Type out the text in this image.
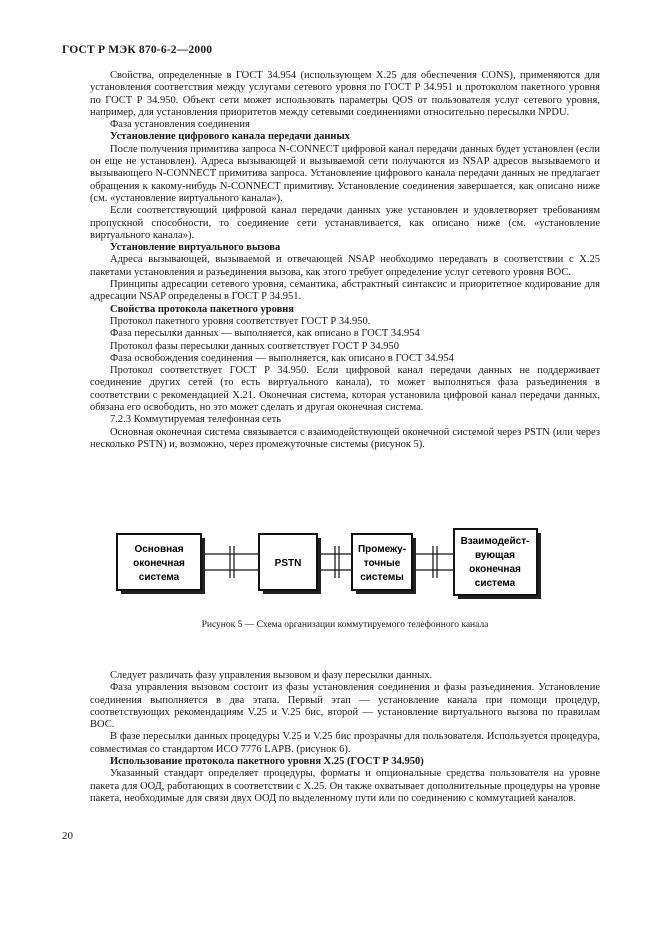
ГОСТ Р МЭК 870-6-2—2000

Свойства, определенные в ГОСТ 34.954 (использующем X.25 для обеспечения CONS), применяются для установления соответствия между услугами сетевого уровня по ГОСТ Р 34.951 и протоколом пакетного уровня по ГОСТ Р 34.950. Объект сети может использовать параметры QOS от пользователя услуг сетевого уровня, например, для установления приоритетов между сетевыми соединениями относительно пересылки NPDU.

Фаза установления соединения

Установление цифрового канала передачи данных

После получения примитива запроса N-CONNECT цифровой канал передачи данных будет установлен (если он еще не установлен). Адреса вызывающей и вызываемой сети получаются из NSAP адресов вызываемого и вызывающего N-CONNECT примитива запроса. Установление цифрового канала передачи данных не предлагает обращения к какому-нибудь N-CONNECT примитиву. Установление соединения завершается, как описано ниже (см. «установление виртуального канала»).

Если соответствующий цифровой канал передачи данных уже установлен и удовлетворяет требованиям пропускной способности, то соединение сети устанавливается, как описано ниже (см. «установление виртуального канала»).

Установление виртуального вызова

Адреса вызывающей, вызываемой и отвечающей NSAP необходимо передавать в соответствии с X.25 пакетами установления и разъединения вызова, как этого требует определение услуг сетевого уровня ВОС.

Принципы адресации сетевого уровня, семантика, абстрактный синтаксис и приоритетное кодирование для адресации NSAP определены в ГОСТ Р 34.951.

Свойства протокола пакетного уровня

Протокол пакетного уровня соответствует ГОСТ Р 34.950.

Фаза пересылки данных — выполняется, как описано в ГОСТ 34.954

Протокол фазы пересылки данных соответствует ГОСТ Р 34.950

Фаза освобождения соединения — выполняется, как описано в ГОСТ 34.954

Протокол соответствует ГОСТ Р 34.950. Если цифровой канал передачи данных не поддерживает соединение других сетей (то есть виртуального канала), то может выполняться фаза разъединения в соответствии с рекомендацией X.21. Оконечная система, которая установила цифровой канал передачи данных, обязана его освободить, но это может сделать и другая оконечная система.

7.2.3 Коммутируемая телефонная сеть

Основная оконечная система связывается с взаимодействующей оконечной системой через PSTN (или через несколько PSTN) и, возможно, через промежуточные системы (рисунок 5).

Основная
оконечная
система
PSTN
Промежу-
точные
системы
Взаимодейст-
вующая
оконечная
система
Рисунок 5 — Схема организации коммутируемого телефонного канала

Следует различать фазу управления вызовом и фазу пересылки данных.

Фаза управления вызовом состоит из фазы установления соединения и фазы разъединения. Установление соединения выполняется в два этапа. Первый этап — установление канала при помощи процедур, соответствующих рекомендациям V.25 и V.25 бис, второй — установление виртуального вызова по правилам ВОС.

В фазе пересылки данных процедуры V.25 и V.25 бис прозрачны для пользователя. Используется процедура, совместимая со стандартом ИСО 7776 LAPB. (рисунок 6).

Использование протокола пакетного уровня X.25 (ГОСТ Р 34.950)

Указанный стандарт определяет процедуры, форматы и опциональные средства пользователя на уровне пакета для ООД, работающих в соответствии с X.25. Он также охватывает дополнительные процедуры на уровне пакета, необходимые для связи двух ООД по выделенному пути или по соединению с коммутацией каналов.

20
